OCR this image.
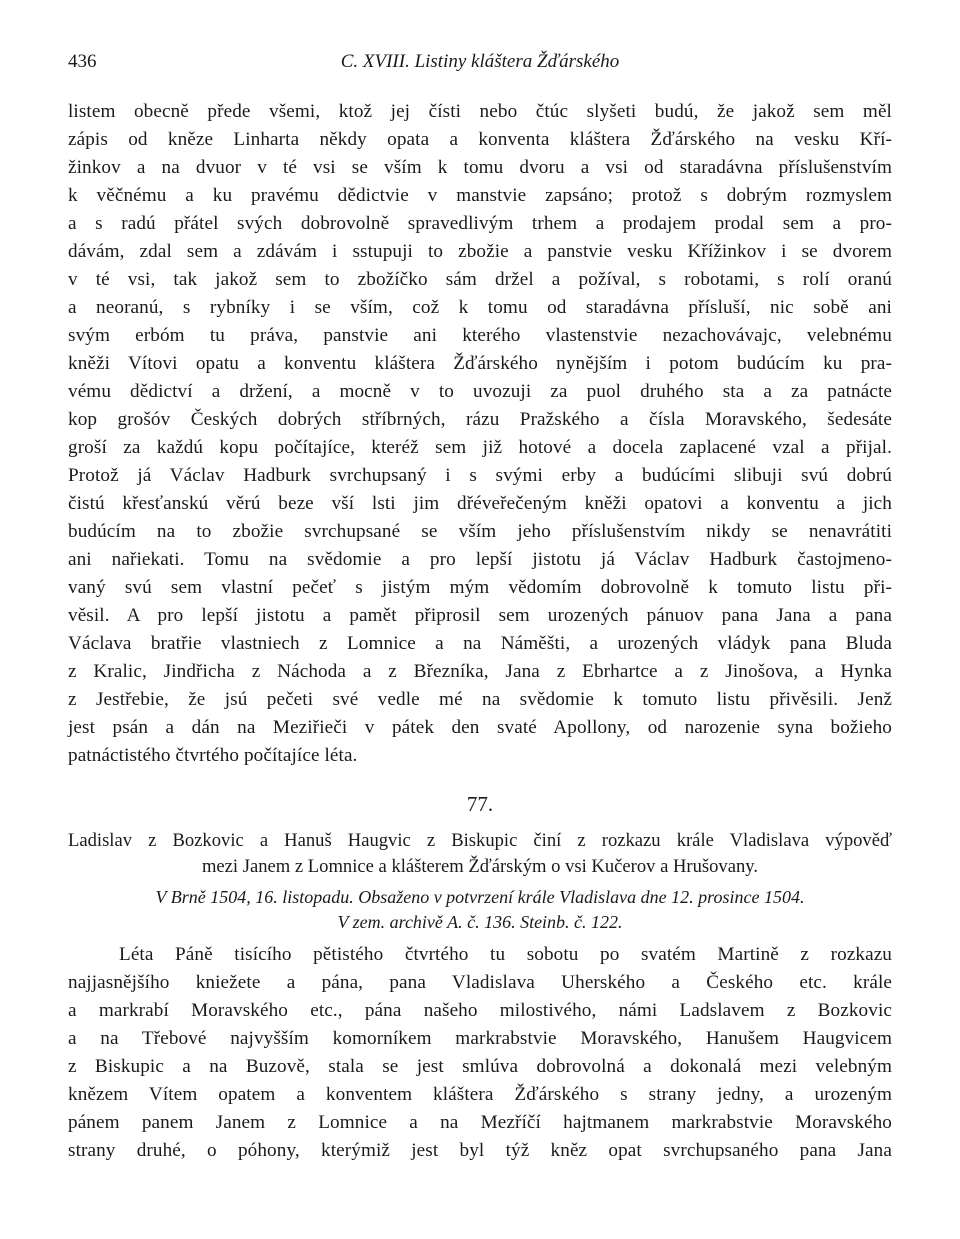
436	C. XVIII. Listiny kláštera Žďárského
listem obecně přede všemi, ktož jej čísti nebo čtúc slyšeti budú, že jakož sem měl
zápis od kněze Linharta někdy opata a konventa kláštera Žďárského na vesku Kří-
žinkov a na dvuor v té vsi se vším k tomu dvoru a vsi od staradávna příslušenstvím
k věčnému a ku pravému dědictvie v manstvie zapsáno; protož s dobrým rozmyslem
a s radú přátel svých dobrovolně spravedlivým trhem a prodajem prodal sem a pro-
dávám, zdal sem a zdávám i sstupuji to zbožie a panstvie vesku Křížinkov i se dvorem
v té vsi, tak jakož sem to zbožíčko sám držel a požíval, s robotami, s rolí oranú
a neoranú, s rybníky i se vším, což k tomu od staradávna přísluší, nic sobě ani
svým erbóm tu práva, panstvie ani kterého vlastenstvie nezachovávajc, velebnému
kněži Vítovi opatu a konventu kláštera Žďárského nynějším i potom budúcím ku pra-
vému dědictví a držení, a mocně v to uvozuji za puol druhého sta a za patnácte
kop grošóv Českých dobrých stříbrných, rázu Pražského a čísla Moravského, šedesáte
groší za každú kopu počítajíce, kteréž sem již hotové a docela zaplacené vzal a přijal.
Protož já Václav Hadburk svrchupsaný i s svými erby a budúcími slibuji svú dobrú
čistú křesťanskú věrú beze vší lsti jim dřéveřečeným kněži opatovi a konventu a jich
budúcím na to zbožie svrchupsané se vším jeho příslušenstvím nikdy se nenavrátiti
ani nařiekati. Tomu na svědomie a pro lepší jistotu já Václav Hadburk častojmeno-
vaný svú sem vlastní pečeť s jistým mým vědomím dobrovolně k tomuto listu při-
věsil. A pro lepší jistotu a pamět připrosil sem urozených pánuov pana Jana a pana
Václava bratřie vlastniech z Lomnice a na Náměšti, a urozených vládyk pana Bluda
z Kralic, Jindřicha z Náchoda a z Březníka, Jana z Ebrhartce a z Jinošova, a Hynka
z Jestřebie, že jsú pečeti své vedle mé na svědomie k tomuto listu přivěsili. Jenž
jest psán a dán na Meziřieči v pátek den svaté Apollony, od narozenie syna božieho
patnáctistého čtvrtého počítajíce léta.
77.
Ladislav z Bozkovic a Hanuš Haugvic z Biskupic činí z rozkazu krále Vladislava výpověď
mezi Janem z Lomnice a klášterem Žďárským o vsi Kučerov a Hrušovany.
V Brně 1504, 16. listopadu. Obsaženo v potvrzení krále Vladislava dne 12. prosince 1504.
V zem. archivě A. č. 136. Steinb. č. 122.
Léta Páně tisícího pětistého čtvrtého tu sobotu po svatém Martině z rozkazu
najjasnějšího kniežete a pána, pana Vladislava Uherského a Českého etc. krále
a markrabí Moravského etc., pána našeho milostivého, námi Ladslavem z Bozkovic
a na Třebové najvyšším komorníkem markrabstvie Moravského, Hanušem Haugvicem
z Biskupic a na Buzově, stala se jest smlúva dobrovolná a dokonalá mezi velebným
knězem Vítem opatem a konventem kláštera Žďárského s strany jedny, a urozeným
pánem panem Janem z Lomnice a na Mezříčí hajtmanem markrabstvie Moravského
strany druhé, o póhony, kterýmiž jest byl týž kněz opat svrchupsaného pana Jana
